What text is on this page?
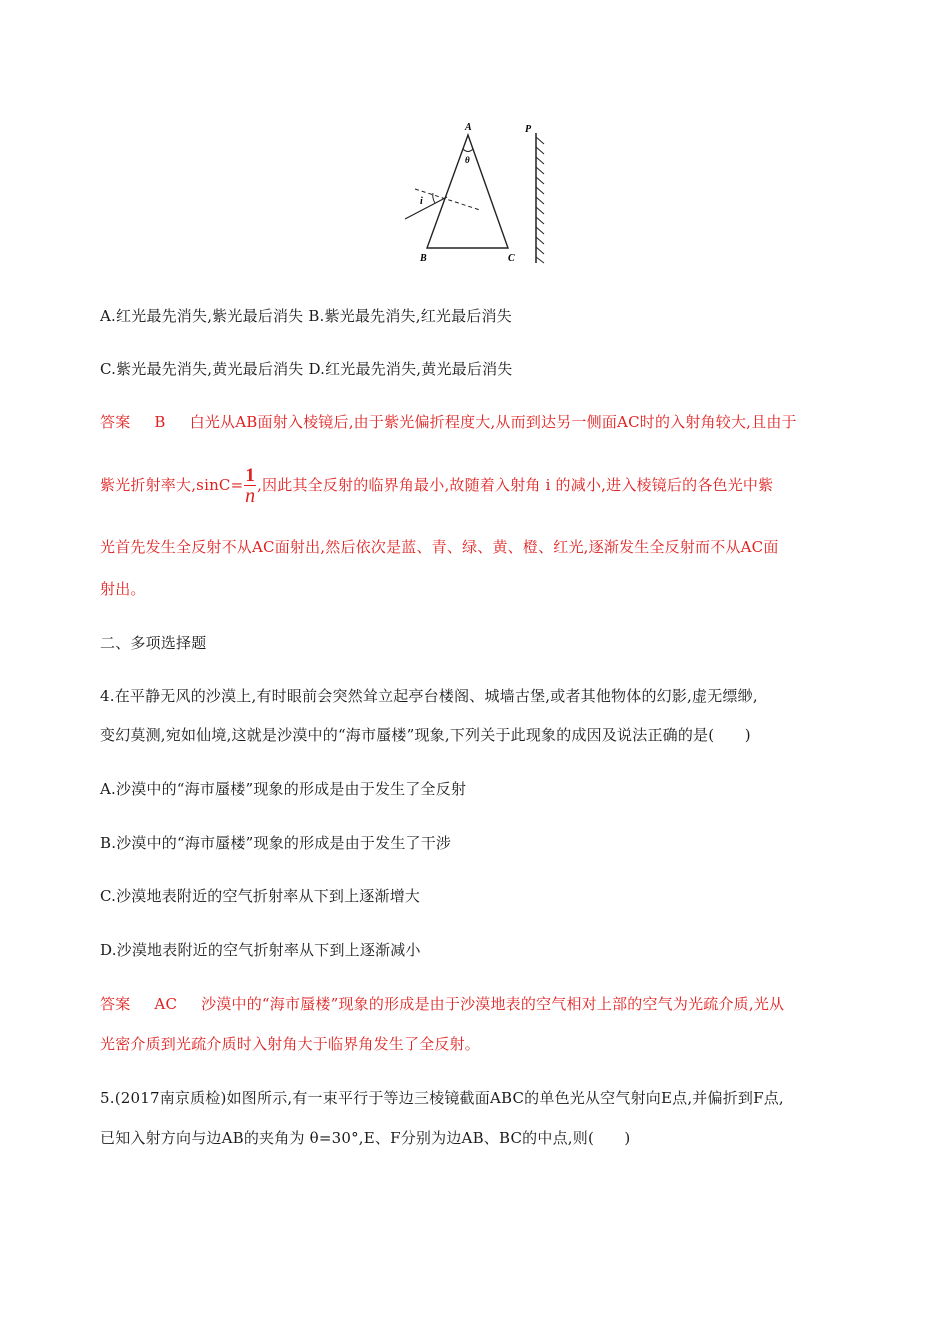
A
B	C
P
θ
i
A.红光最先消失,紫光最后消失 B.紫光最先消失,红光最后消失
C.紫光最先消失,黄光最后消失 D.红光最先消失,黄光最后消失
答案 B 白光从AB面射入棱镜后,由于紫光偏折程度大,从而到达另一侧面AC时的入射角较大,且由于
紫光折射率大$,\sin C= \frac{1}{n}$ ,因此其全反射的临界角最小,故随着入射角 i 的减小,进入棱镜后的各色光中紫
光首先发生全反射不从AC面射出,然后依次是蓝、青、绿、黄、橙、红光,逐渐发生全反射而不从AC面
射出。
二、多项选择题
4.在平静无风的沙漠上,有时眼前会突然耸立起亭台楼阁、城墙古堡,或者其他物体的幻影,虚无缥缈,
变幻莫测,宛如仙境,这就是沙漠中的“海市蜃楼”现象,下列关于此现象的成因及说法正确的是(　　)
A.沙漠中的“海市蜃楼”现象的形成是由于发生了全反射
B.沙漠中的“海市蜃楼”现象的形成是由于发生了干涉
C.沙漠地表附近的空气折射率从下到上逐渐增大
D.沙漠地表附近的空气折射率从下到上逐渐减小
答案 AC 沙漠中的“海市蜃楼”现象的形成是由于沙漠地表的空气相对上部的空气为光疏介质,光从
光密介质到光疏介质时入射角大于临界角发生了全反射。
5.(2017南京质检)如图所示,有一束平行于等边三棱镜截面ABC的单色光从空气射向E点,并偏折到F点,
已知入射方向与边AB的夹角为 θ=30°,E、F分别为边AB、BC的中点,则(　　)
